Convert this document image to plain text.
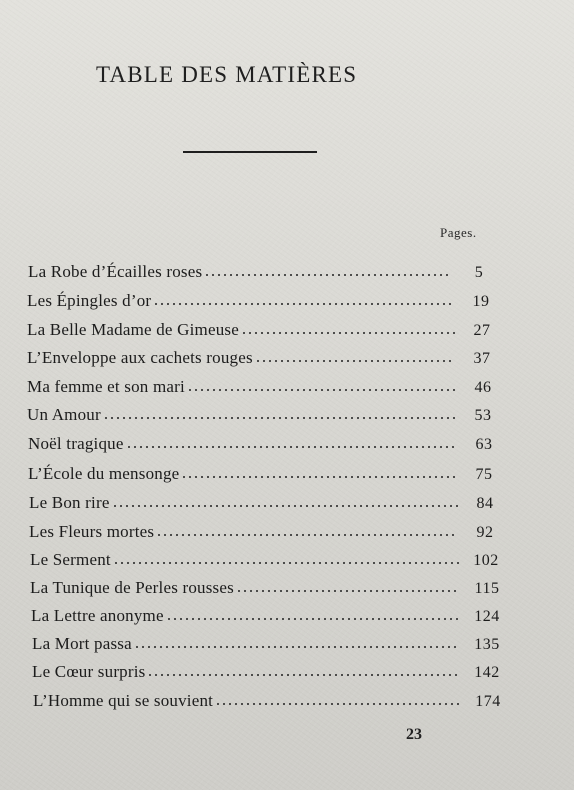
TABLE DES MATIÈRES
Pages.
La Robe d’Écailles roses	5
Les Épingles d’or	19
La Belle Madame de Gimeuse	27
L’Enveloppe aux cachets rouges	37
Ma femme et son mari	46
Un Amour	53
Noël tragique	63
L’École du mensonge	75
Le Bon rire	84
Les Fleurs mortes	92
Le Serment	102
La Tunique de Perles rousses	115
La Lettre anonyme	124
La Mort passa	135
Le Cœur surpris	142
L’Homme qui se souvient	174
23
